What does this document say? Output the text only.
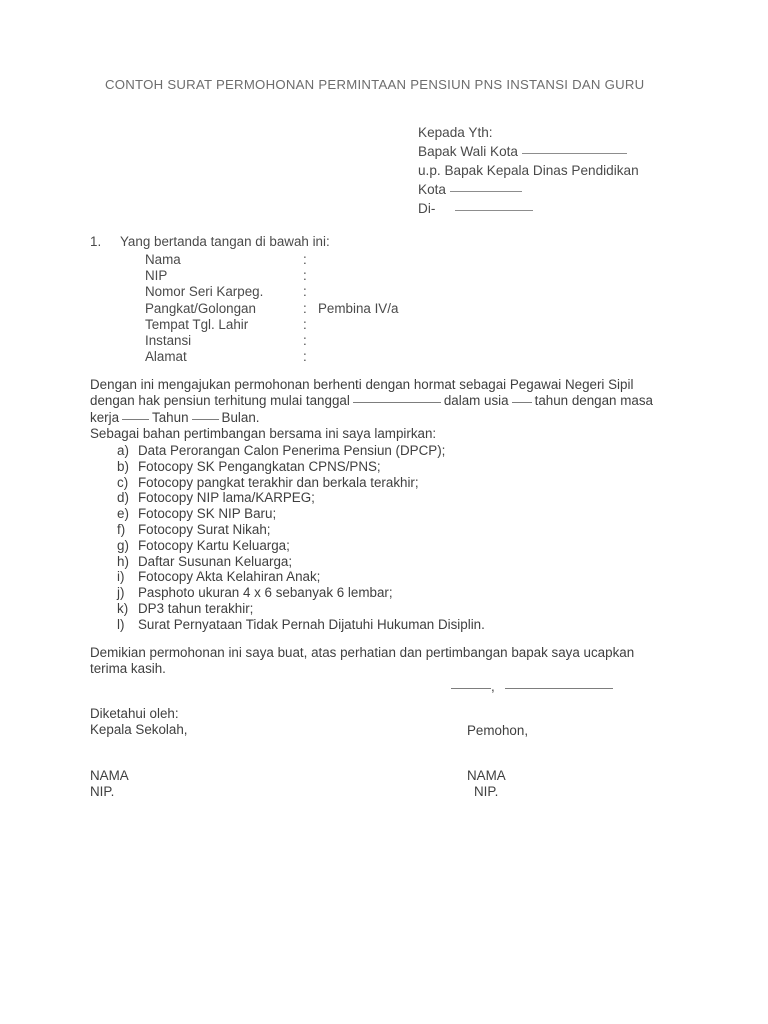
CONTOH SURAT PERMOHONAN PERMINTAAN PENSIUN PNS INSTANSI DAN GURU
Kepada Yth:
Bapak Wali Kota
u.p. Bapak Kepala Dinas Pendidikan
Kota
Di-
1. Yang bertanda tangan di bawah ini:
Nama	:
NIP	:
Nomor Seri Karpeg.	:
Pangkat/Golongan	: Pembina IV/a
Tempat Tgl. Lahir	:
Instansi	:
Alamat	:

Dengan ini mengajukan permohonan berhenti dengan hormat sebagai Pegawai Negeri Sipil dengan hak pensiun terhitung mulai tanggal	dalam usia tahun dengan masa kerja Tahun Bulan.

Sebagai bahan pertimbangan bersama ini saya lampirkan:
a) Data Perorangan Calon Penerima Pensiun (DPCP);
b) Fotocopy SK Pengangkatan CPNS/PNS;
c) Fotocopy pangkat terakhir dan berkala terakhir;
d) Fotocopy NIP lama/KARPEG;
e) Fotocopy SK NIP Baru;
f) Fotocopy Surat Nikah;
g) Fotocopy Kartu Keluarga;
h) Daftar Susunan Keluarga;
i) Fotocopy Akta Kelahiran Anak;
j) Pasphoto ukuran 4 x 6 sebanyak 6 lembar;
k) DP3 tahun terakhir;
l) Surat Pernyataan Tidak Pernah Dijatuhi Hukuman Disiplin.

Demikian permohonan ini saya buat, atas perhatian dan pertimbangan bapak saya ucapkan terima kasih.

,
Diketahui oleh:
Kepala Sekolah,
NAMA
NIP.
Pemohon,
NAMA
NIP.
